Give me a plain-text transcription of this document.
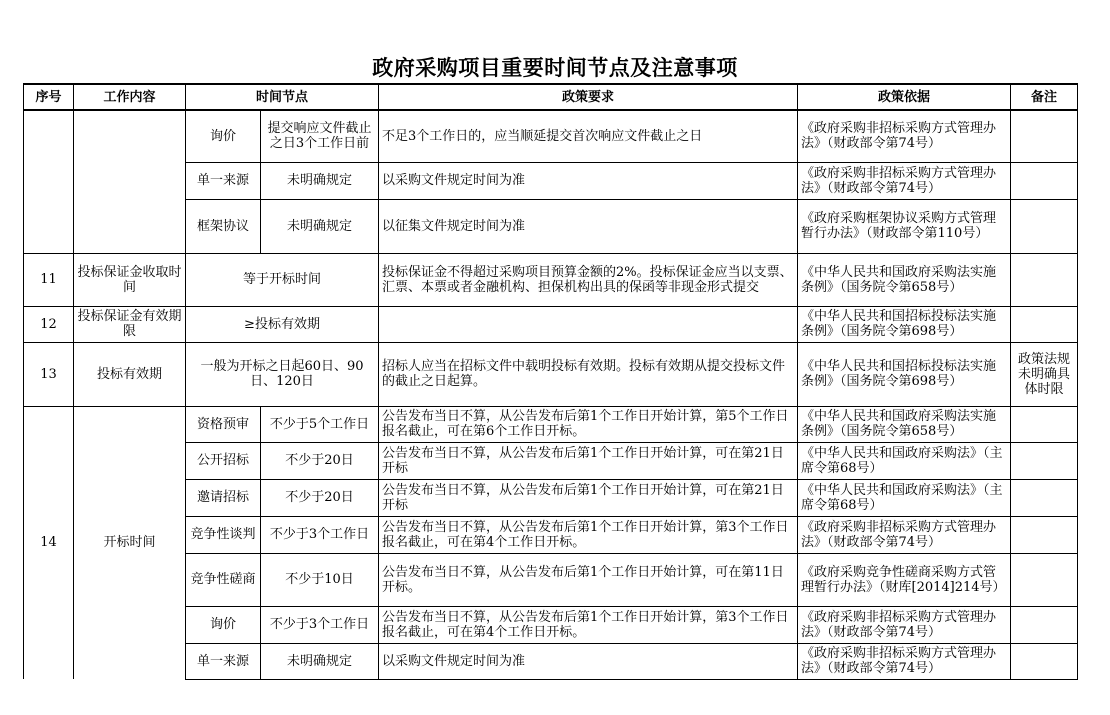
政府采购项目重要时间节点及注意事项
序号	工作内容	时间节点		政策要求	政策依据	备注
		询价	提交响应文件截止之日3个工作日前	不足3个工作日的，应当顺延提交首次响应文件截止之日	《政府采购非招标采购方式管理办法》（财政部令第74号）	
		单一来源	未明确规定	以采购文件规定时间为准	《政府采购非招标采购方式管理办法》（财政部令第74号）	
		框架协议	未明确规定	以征集文件规定时间为准	《政府采购框架协议采购方式管理暂行办法》（财政部令第110号）	
11	投标保证金收取时间	等于开标时间		投标保证金不得超过采购项目预算金额的2%。投标保证金应当以支票、汇票、本票或者金融机构、担保机构出具的保函等非现金形式提交	《中华人民共和国政府采购法实施条例》（国务院令第658号）	
12	投标保证金有效期限	≥投标有效期			《中华人民共和国招标投标法实施条例》（国务院令第698号）	
13	投标有效期	一般为开标之日起60日、90日、120日		招标人应当在招标文件中载明投标有效期。投标有效期从提交投标文件的截止之日起算。	《中华人民共和国招标投标法实施条例》（国务院令第698号）	政策法规未明确具体时限
14	开标时间	资格预审	不少于5个工作日	公告发布当日不算，从公告发布后第1个工作日开始计算，第5个工作日报名截止，可在第6个工作日开标。	《中华人民共和国政府采购法实施条例》（国务院令第658号）	
		公开招标	不少于20日	公告发布当日不算，从公告发布后第1个工作日开始计算，可在第21日开标	《中华人民共和国政府采购法》（主席令第68号）	
		邀请招标	不少于20日	公告发布当日不算，从公告发布后第1个工作日开始计算，可在第21日开标	《中华人民共和国政府采购法》（主席令第68号）	
		竞争性谈判	不少于3个工作日	公告发布当日不算，从公告发布后第1个工作日开始计算，第3个工作日报名截止，可在第4个工作日开标。	《政府采购非招标采购方式管理办法》（财政部令第74号）	
		竞争性磋商	不少于10日	公告发布当日不算，从公告发布后第1个工作日开始计算，可在第11日开标。	《政府采购竞争性磋商采购方式管理暂行办法》（财库[2014]214号）	
		询价	不少于3个工作日	公告发布当日不算，从公告发布后第1个工作日开始计算，第3个工作日报名截止，可在第4个工作日开标。	《政府采购非招标采购方式管理办法》（财政部令第74号）	
		单一来源	未明确规定	以采购文件规定时间为准	《政府采购非招标采购方式管理办法》（财政部令第74号）	
